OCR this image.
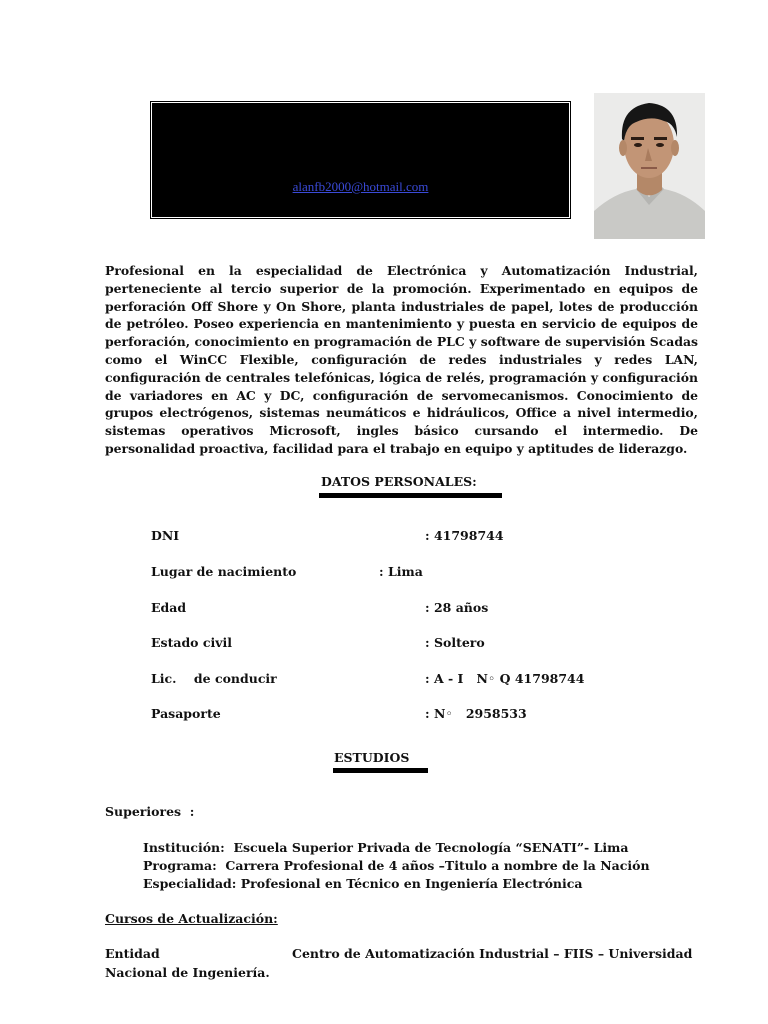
alanfb2000@hotmail.com

Profesional en la especialidad de Electrónica y Automatización Industrial, perteneciente al tercio superior de la promoción. Experimentado en equipos de perforación Off Shore y On Shore, planta industriales de papel, lotes de producción de petróleo. Poseo experiencia en mantenimiento y puesta en servicio de equipos de perforación, conocimiento en programación de PLC y software de supervisión Scadas como el WinCC Flexible, configuración de redes industriales y redes LAN, configuración de centrales telefónicas, lógica de relés, programación y configuración de variadores en AC y DC, configuración de servomecanismos. Conocimiento de grupos electrógenos, sistemas neumáticos e hidráulicos, Office a nivel intermedio, sistemas operativos Microsoft, ingles básico cursando el intermedio. De personalidad proactiva, facilidad para el trabajo en equipo y aptitudes de liderazgo.

DATOS PERSONALES:
DNI	: 41798744
Lugar de nacimiento	: Lima
Edad	: 28 años
Estado civil	: Soltero
Lic.    de conducir	: A - I   N◦ Q 41798744
Pasaporte	: N◦   2958533
ESTUDIOS
Superiores  :
Institución:  Escuela Superior Privada de Tecnología “SENATI”- Lima
Programa:  Carrera Profesional de 4 años –Titulo a nombre de la Nación
Especialidad: Profesional en Técnico en Ingeniería Electrónica
Cursos de Actualización:
Entidad	Centro de Automatización Industrial – FIIS – Universidad
Nacional de Ingeniería.
